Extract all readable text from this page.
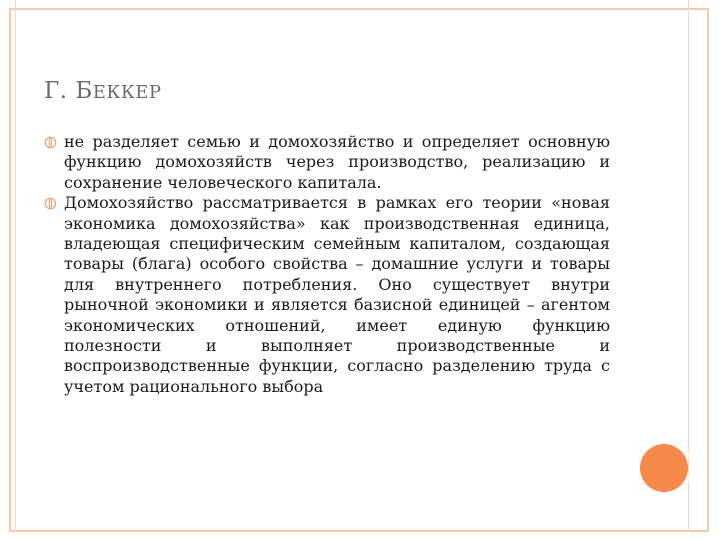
Г. БЕККЕР
не разделяет семью и домохозяйство и определяет основную функцию домохозяйств через производство, реализацию и сохранение человеческого капитала.
Домохозяйство рассматривается в рамках его теории «новая экономика домохозяйства» как производственная единица, владеющая специфическим семейным капиталом, создающая товары (блага) особого свойства – домашние услуги и товары для внутреннего потребления. Оно существует внутри рыночной экономики и является базисной единицей – агентом экономических отношений, имеет единую функцию полезности и выполняет производственные и воспроизводственные функции, согласно разделению труда с учетом рационального выбора
